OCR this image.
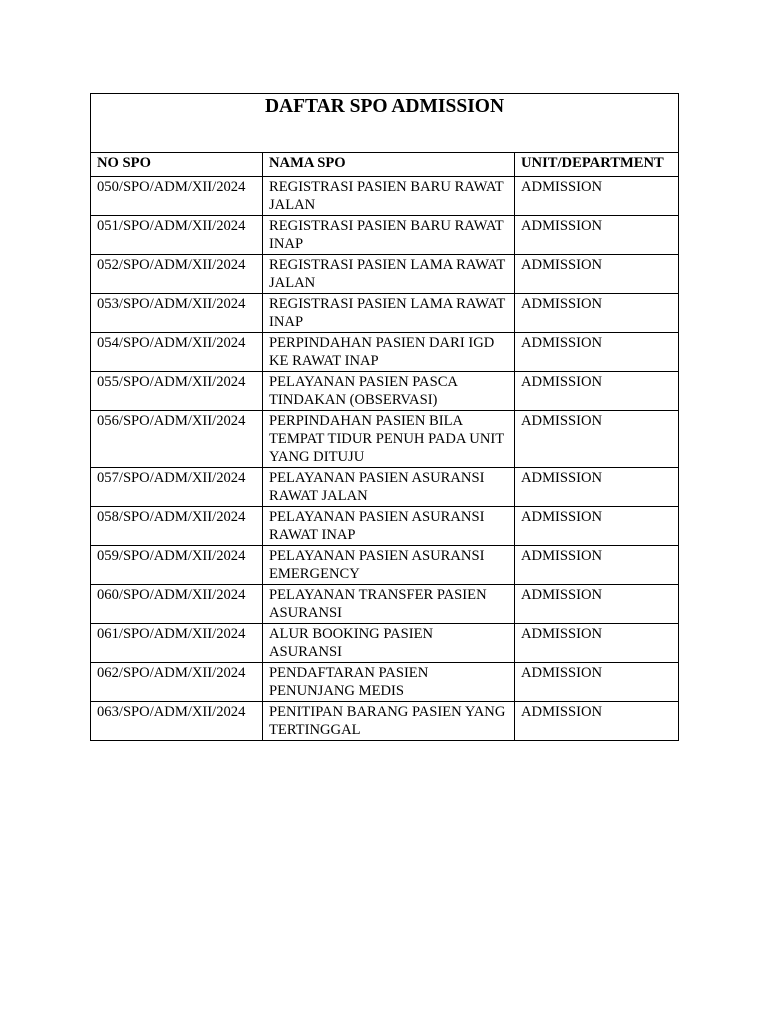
DAFTAR SPO ADMISSION		
NO SPO	NAMA SPO	UNIT/DEPARTMENT
050/SPO/ADM/XII/2024	REGISTRASI PASIEN BARU RAWAT JALAN	ADMISSION
051/SPO/ADM/XII/2024	REGISTRASI PASIEN BARU RAWAT INAP	ADMISSION
052/SPO/ADM/XII/2024	REGISTRASI PASIEN LAMA RAWAT JALAN	ADMISSION
053/SPO/ADM/XII/2024	REGISTRASI PASIEN LAMA RAWAT INAP	ADMISSION
054/SPO/ADM/XII/2024	PERPINDAHAN PASIEN DARI IGD KE RAWAT INAP	ADMISSION
055/SPO/ADM/XII/2024	PELAYANAN PASIEN PASCA TINDAKAN (OBSERVASI)	ADMISSION
056/SPO/ADM/XII/2024	PERPINDAHAN PASIEN BILA TEMPAT TIDUR PENUH PADA UNIT YANG DITUJU	ADMISSION
057/SPO/ADM/XII/2024	PELAYANAN PASIEN ASURANSI RAWAT JALAN	ADMISSION
058/SPO/ADM/XII/2024	PELAYANAN PASIEN ASURANSI RAWAT INAP	ADMISSION
059/SPO/ADM/XII/2024	PELAYANAN PASIEN ASURANSI EMERGENCY	ADMISSION
060/SPO/ADM/XII/2024	PELAYANAN TRANSFER PASIEN ASURANSI	ADMISSION
061/SPO/ADM/XII/2024	ALUR BOOKING PASIEN ASURANSI	ADMISSION
062/SPO/ADM/XII/2024	PENDAFTARAN PASIEN PENUNJANG MEDIS	ADMISSION
063/SPO/ADM/XII/2024	PENITIPAN BARANG PASIEN YANG TERTINGGAL	ADMISSION
